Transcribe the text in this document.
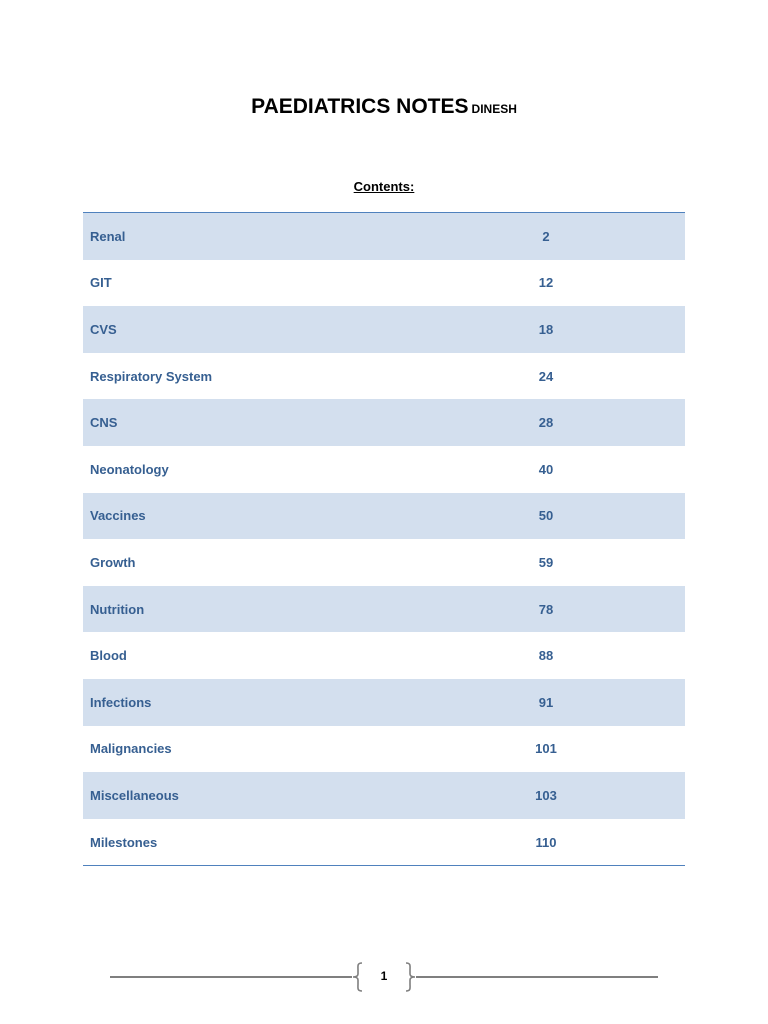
PAEDIATRICS NOTES DINESH
Contents:
Renal	2
GIT	12
CVS	18
Respiratory System	24
CNS	28
Neonatology	40
Vaccines	50
Growth	59
Nutrition	78
Blood	88
Infections	91
Malignancies	101
Miscellaneous	103
Milestones	110
1
